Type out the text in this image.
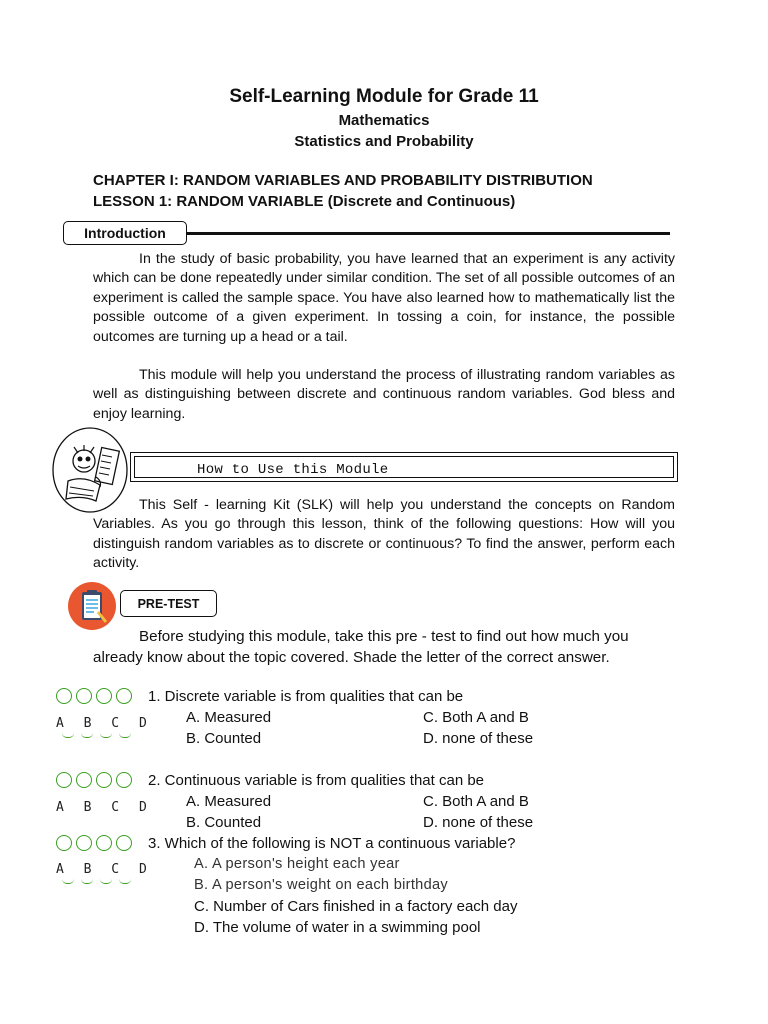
Self-Learning Module for Grade 11
Mathematics
Statistics and Probability
CHAPTER I: RANDOM VARIABLES AND PROBABILITY DISTRIBUTION
LESSON 1: RANDOM VARIABLE (Discrete and Continuous)
Introduction

In the study of basic probability, you have learned that an experiment is any activity which can be done repeatedly under similar condition. The set of all possible outcomes of an experiment is called the sample space. You have also learned how to mathematically list the possible outcome of a given experiment. In tossing a coin, for instance, the possible outcomes are turning up a head or a tail.

This module will help you understand the process of illustrating random variables as well as distinguishing between discrete and continuous random variables. God bless and enjoy learning.

How to Use this Module

This Self - learning Kit (SLK) will help you understand the concepts on Random Variables. As you go through this lesson, think of the following questions: How will you distinguish random variables as to discrete or continuous? To find the answer, perform each activity.

PRE-TEST

Before studying this module, take this pre - test to find out how much you already know about the topic covered. Shade the letter of the correct answer.

A B C D
1. Discrete variable is from qualities that can be
A. Measured	C. Both A and B
B. Counted	D. none of these
A B C D
2. Continuous variable is from qualities that can be
A. Measured	C. Both A and B
B. Counted	D. none of these
A B C D
3. Which of the following is NOT a continuous variable?
A. A person's height each year
B. A person's weight on each birthday
C. Number of Cars finished in a factory each day
D. The volume of water in a swimming pool
